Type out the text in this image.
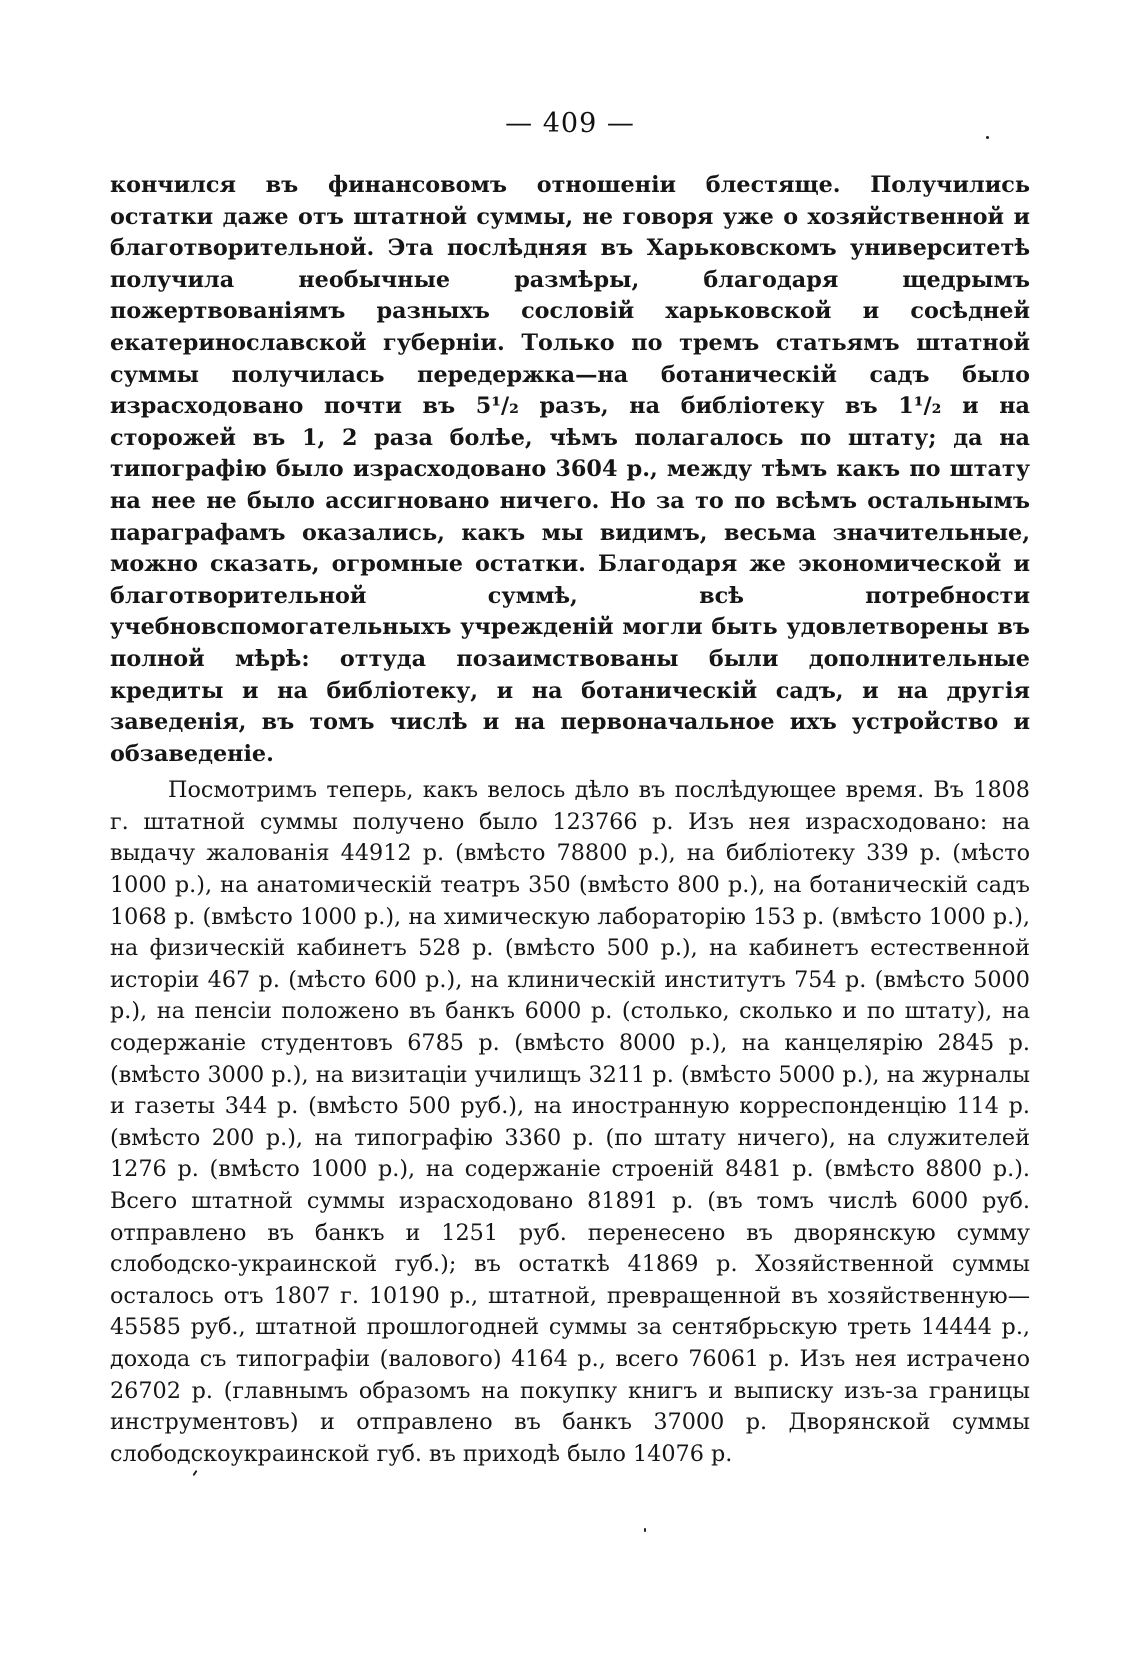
— 409 —

кончился въ финансовомъ отношеніи блестяще. Получились остатки даже отъ штатной суммы, не говоря уже о хозяйственной и благотворительной. Эта послѣдняя въ Харьковскомъ университетѣ получила необычные размѣры, благодаря щедрымъ пожертвованіямъ разныхъ сословій харьковской и сосѣдней екатеринославской губерніи. Только по тремъ статьямъ штатной суммы получилась передержка—на ботаническій садъ было израсходовано почти въ 5¹/₂ разъ, на библіотеку въ 1¹/₂ и на сторожей въ 1, 2 раза болѣе, чѣмъ полагалось по штату; да на типографію было израсходовано 3604 р., между тѣмъ какъ по штату на нее не было ассигновано ничего. Но за то по всѣмъ остальнымъ параграфамъ оказались, какъ мы видимъ, весьма значительные, можно сказать, огромные остатки. Благодаря же экономической и благотворительной суммѣ, всѣ потребности учебновспомогательныхъ учрежденій могли быть удовлетворены въ полной мѣрѣ: оттуда позаимствованы были дополнительные кредиты и на библіотеку, и на ботаническій садъ, и на другія заведенія, въ томъ числѣ и на первоначальное ихъ устройство и обзаведеніе.

Посмотримъ теперь, какъ велось дѣло въ послѣдующее время. Въ 1808 г. штатной суммы получено было 123766 р. Изъ нея израсходовано: на выдачу жалованія 44912 р. (вмѣсто 78800 р.), на библіотеку 339 р. (мѣсто 1000 р.), на анатомическій театръ 350 (вмѣсто 800 р.), на ботаническій садъ 1068 р. (вмѣсто 1000 р.), на химическую лабораторію 153 р. (вмѣсто 1000 р.), на физическій кабинетъ 528 р. (вмѣсто 500 р.), на кабинетъ естественной исторіи 467 р. (мѣсто 600 р.), на клиническій институтъ 754 р. (вмѣсто 5000 р.), на пенсіи положено въ банкъ 6000 р. (столько, сколько и по штату), на содержаніе студентовъ 6785 р. (вмѣсто 8000 р.), на канцелярію 2845 р. (вмѣсто 3000 р.), на визитаціи училищъ 3211 р. (вмѣсто 5000 р.), на журналы и газеты 344 р. (вмѣсто 500 руб.), на иностранную корреспонденцію 114 р. (вмѣсто 200 р.), на типографію 3360 р. (по штату ничего), на служителей 1276 р. (вмѣсто 1000 р.), на содержаніе строеній 8481 р. (вмѣсто 8800 р.). Всего штатной суммы израсходовано 81891 р. (въ томъ числѣ 6000 руб. отправлено въ банкъ и 1251 руб. перенесено въ дворянскую сумму слободско-украинской губ.); въ остаткѣ 41869 р. Хозяйственной суммы осталось отъ 1807 г. 10190 р., штатной, превращенной въ хозяйственную—45585 руб., штатной прошлогодней суммы за сентябрьскую треть 14444 р., дохода съ типографіи (валового) 4164 р., всего 76061 р. Изъ нея истрачено 26702 р. (главнымъ образомъ на покупку книгъ и выписку изъ-за границы инструментовъ) и отправлено въ банкъ 37000 р. Дворянской суммы слободскоукраинской губ. въ приходѣ было 14076 р.
